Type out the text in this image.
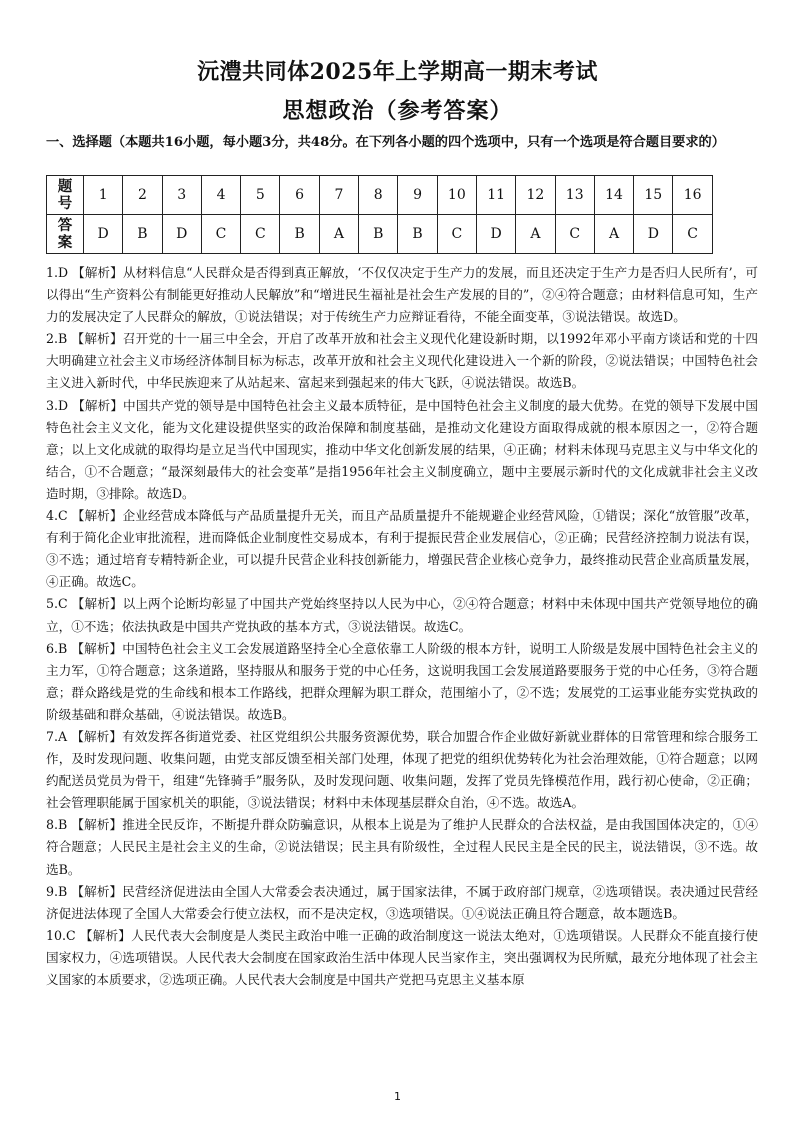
沅澧共同体2025年上学期高一期末考试
思想政治（参考答案）
一、选择题（本题共16小题，每小题3分，共48分。在下列各小题的四个选项中，只有一个选项是符合题目要求的）
题
号	1	2	3	4	5	6	7	8	9	10	11	12	13	14	15	16
答
案	D	B	D	C	C	B	A	B	B	C	D	A	C	A	D	C

1.D 【解析】从材料信息“人民群众是否得到真正解放，‘不仅仅决定于生产力的发展，而且还决定于生产力是否归人民所有’，可以得出“生产资料公有制能更好推动人民解放”和“增进民生福祉是社会生产发展的目的”，②④符合题意；由材料信息可知，生产力的发展决定了人民群众的解放，①说法错误；对于传统生产力应辩证看待，不能全面变革，③说法错误。故选D。

2.B 【解析】召开党的十一届三中全会，开启了改革开放和社会主义现代化建设新时期，以1992年邓小平南方谈话和党的十四大明确建立社会主义市场经济体制目标为标志，改革开放和社会主义现代化建设进入一个新的阶段，②说法错误；中国特色社会主义进入新时代，中华民族迎来了从站起来、富起来到强起来的伟大飞跃，④说法错误。故选B。

3.D 【解析】中国共产党的领导是中国特色社会主义最本质特征，是中国特色社会主义制度的最大优势。在党的领导下发展中国特色社会主义文化，能为文化建设提供坚实的政治保障和制度基础，是推动文化建设方面取得成就的根本原因之一，②符合题意；以上文化成就的取得均是立足当代中国现实，推动中华文化创新发展的结果，④正确；材料未体现马克思主义与中华文化的结合，①不合题意；“最深刻最伟大的社会变革”是指1956年社会主义制度确立，题中主要展示新时代的文化成就非社会主义改造时期，③排除。故选D。

4.C 【解析】企业经营成本降低与产品质量提升无关，而且产品质量提升不能规避企业经营风险，①错误；深化“放管服”改革，有利于简化企业审批流程，进而降低企业制度性交易成本，有利于提振民营企业发展信心，②正确；民营经济控制力说法有误，③不选；通过培育专精特新企业，可以提升民营企业科技创新能力，增强民营企业核心竞争力，最终推动民营企业高质量发展，④正确。故选C。

5.C 【解析】以上两个论断均彰显了中国共产党始终坚持以人民为中心，②④符合题意；材料中未体现中国共产党领导地位的确立，①不选；依法执政是中国共产党执政的基本方式，③说法错误。故选C。

6.B 【解析】中国特色社会主义工会发展道路坚持全心全意依靠工人阶级的根本方针，说明工人阶级是发展中国特色社会主义的主力军，①符合题意；这条道路，坚持服从和服务于党的中心任务，这说明我国工会发展道路要服务于党的中心任务，③符合题意；群众路线是党的生命线和根本工作路线，把群众理解为职工群众，范围缩小了，②不选；发展党的工运事业能夯实党执政的阶级基础和群众基础，④说法错误。故选B。

7.A 【解析】有效发挥各街道党委、社区党组织公共服务资源优势，联合加盟合作企业做好新就业群体的日常管理和综合服务工作，及时发现问题、收集问题，由党支部反馈至相关部门处理，体现了把党的组织优势转化为社会治理效能，①符合题意；以网约配送员党员为骨干，组建“先锋骑手”服务队，及时发现问题、收集问题，发挥了党员先锋模范作用，践行初心使命，②正确；社会管理职能属于国家机关的职能，③说法错误；材料中未体现基层群众自治，④不选。故选A。

8.B 【解析】推进全民反诈，不断提升群众防骗意识，从根本上说是为了维护人民群众的合法权益，是由我国国体决定的，①④符合题意；人民民主是社会主义的生命，②说法错误；民主具有阶级性，全过程人民民主是全民的民主，说法错误，③不选。故选B。

9.B 【解析】民营经济促进法由全国人大常委会表决通过，属于国家法律，不属于政府部门规章，②选项错误。表决通过民营经济促进法体现了全国人大常委会行使立法权，而不是决定权，③选项错误。①④说法正确且符合题意，故本题选B。

10.C 【解析】人民代表大会制度是人类民主政治中唯一正确的政治制度这一说法太绝对，①选项错误。人民群众不能直接行使国家权力，④选项错误。人民代表大会制度在国家政治生活中体现人民当家作主，突出强调权为民所赋，最充分地体现了社会主义国家的本质要求，②选项正确。人民代表大会制度是中国共产党把马克思主义基本原

1
